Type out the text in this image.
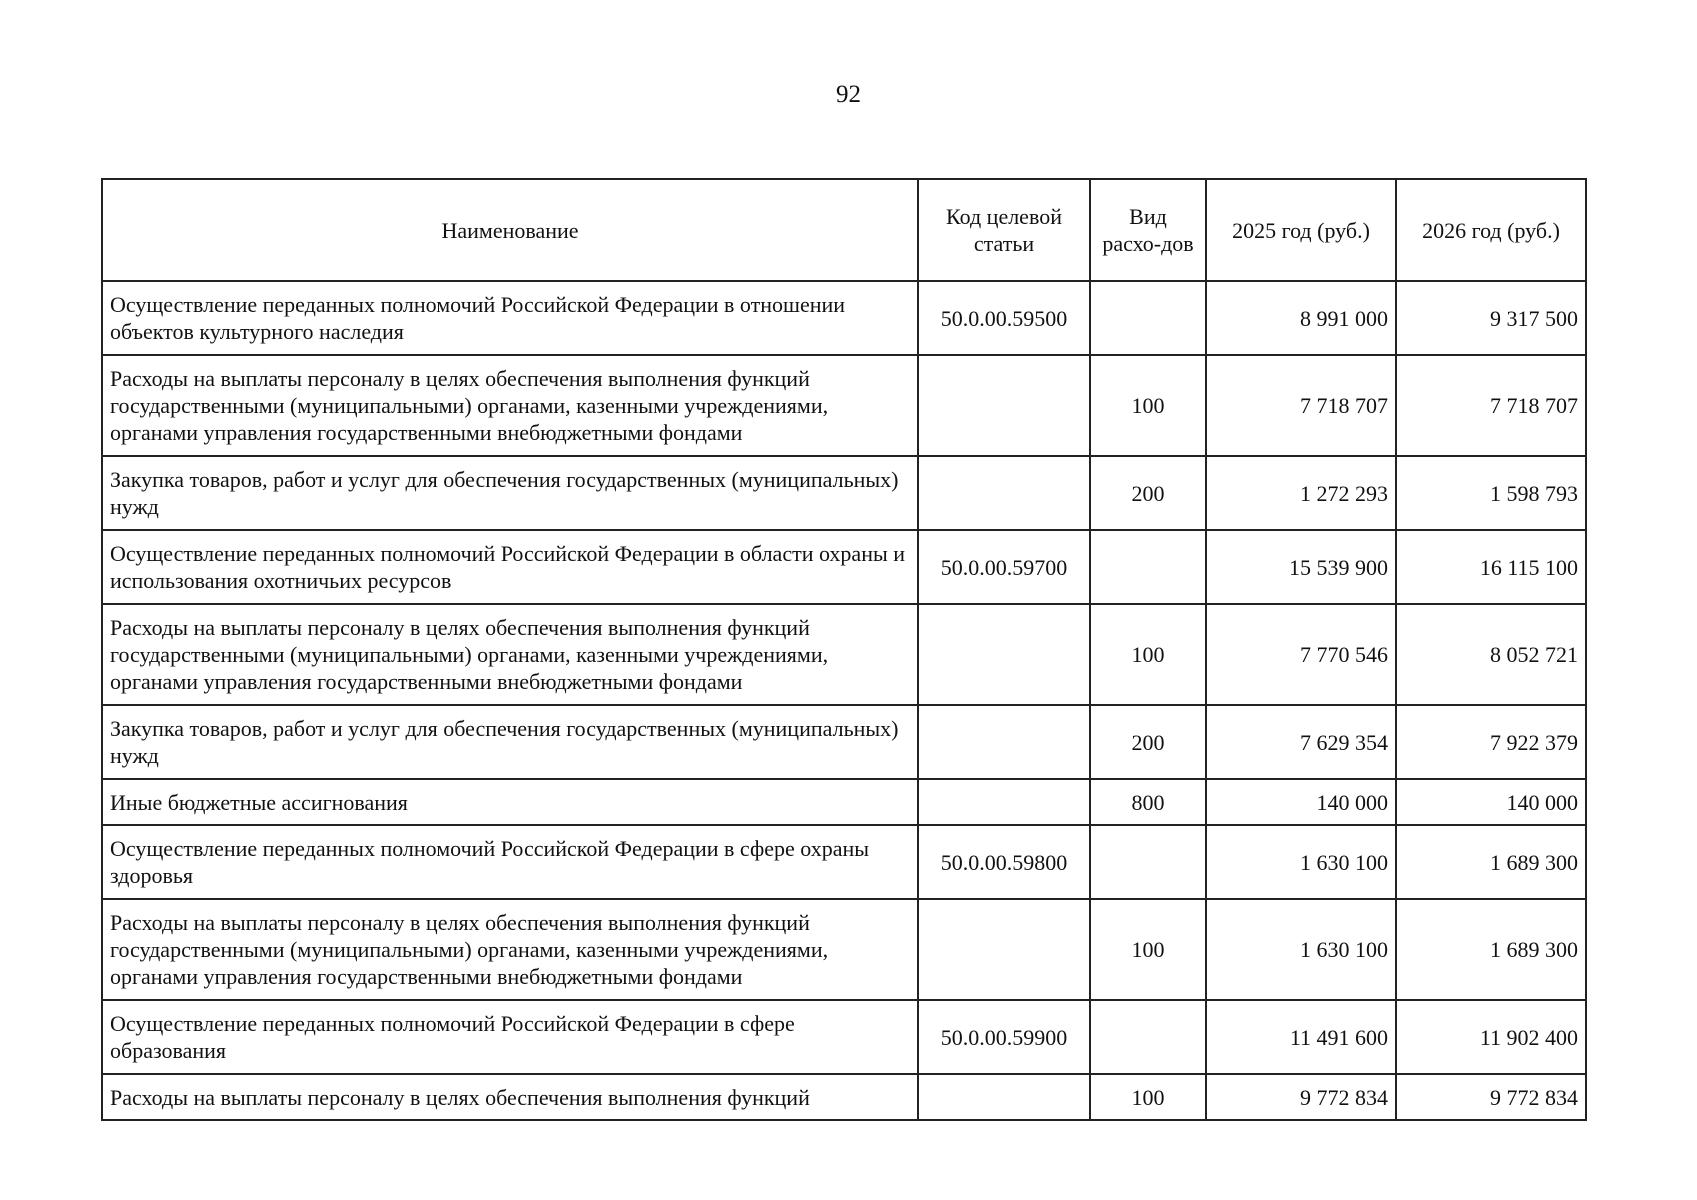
92
Наименование	Код целевой статьи	Вид расхо-дов	2025 год (руб.)	2026 год (руб.)
Осуществление переданных полномочий Российской Федерации в отношении объектов культурного наследия	50.0.00.59500		8 991 000	9 317 500
Расходы на выплаты персоналу в целях обеспечения выполнения функций государственными (муниципальными) органами, казенными учреждениями, органами управления государственными внебюджетными фондами		100	7 718 707	7 718 707
Закупка товаров, работ и услуг для обеспечения государственных (муниципальных) нужд		200	1 272 293	1 598 793
Осуществление переданных полномочий Российской Федерации в области охраны и использования охотничьих ресурсов	50.0.00.59700		15 539 900	16 115 100
Расходы на выплаты персоналу в целях обеспечения выполнения функций государственными (муниципальными) органами, казенными учреждениями, органами управления государственными внебюджетными фондами		100	7 770 546	8 052 721
Закупка товаров, работ и услуг для обеспечения государственных (муниципальных) нужд		200	7 629 354	7 922 379
Иные бюджетные ассигнования		800	140 000	140 000
Осуществление переданных полномочий Российской Федерации в сфере охраны здоровья	50.0.00.59800		1 630 100	1 689 300
Расходы на выплаты персоналу в целях обеспечения выполнения функций государственными (муниципальными) органами, казенными учреждениями, органами управления государственными внебюджетными фондами		100	1 630 100	1 689 300
Осуществление переданных полномочий Российской Федерации в сфере образования	50.0.00.59900		11 491 600	11 902 400
Расходы на выплаты персоналу в целях обеспечения выполнения функций		100	9 772 834	9 772 834
